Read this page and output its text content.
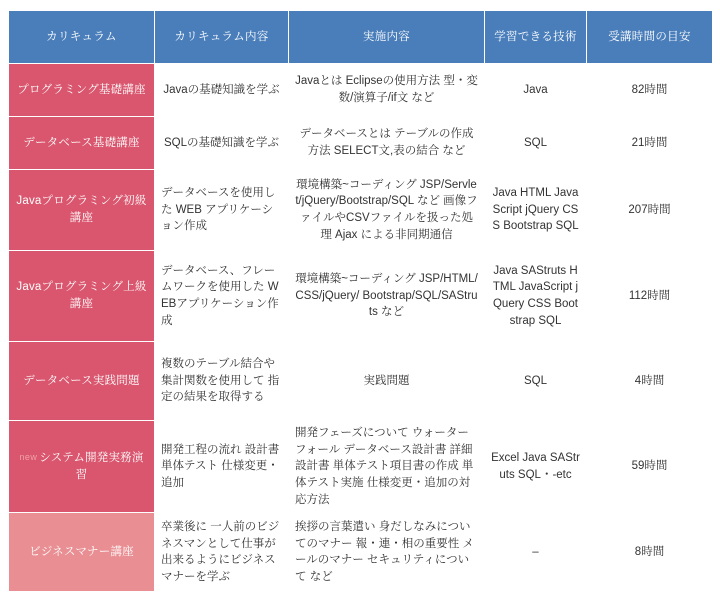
カリキュラム	カリキュラム内容	実施内容	学習できる技術	受講時間の目安
プログラミング基礎講座	Javaの基礎知識を学ぶ	Javaとは Eclipseの使用方法 型・変数/演算子/if文 など	Java	82時間
データベース基礎講座	SQLの基礎知識を学ぶ	データベースとは テーブルの作成方法 SELECT文,表の結合 など	SQL	21時間
Javaプログラミング初級講座	データベースを使用した WEB アプリケーション作成	環境構築~コーディング JSP/Servlet/jQuery/Bootstrap/SQL など 画像ファイルやCSVファイルを扱った処理 Ajax による非同期通信	Java HTML JavaScript jQuery CSS Bootstrap SQL	207時間
Javaプログラミング上級講座	データベース、フレームワークを使用した WEBアプリケーション作成	環境構築~コーディング JSP/HTML/CSS/jQuery/ Bootstrap/SQL/SAStruts など	Java SAStruts HTML JavaScript jQuery CSS Bootstrap SQL	112時間
データベース実践問題	複数のテーブル結合や 集計関数を使用して 指定の結果を取得する	実践問題	SQL	4時間
new システム開発実務演習	開発工程の流れ 設計書 単体テスト 仕様変更・追加	開発フェーズについて ウォーターフォール データベース設計書 詳細設計書 単体テスト項目書の作成 単体テスト実施 仕様変更・追加の対応方法	Excel Java SAStruts SQL・-etc	59時間
ビジネスマナー講座	卒業後に 一人前のビジネスマンとして仕事が出来るようにビジネスマナーを学ぶ	挨拶の言葉遣い 身だしなみについてのマナー 報・連・相の重要性 メールのマナー セキュリティについて など	–	8時間
